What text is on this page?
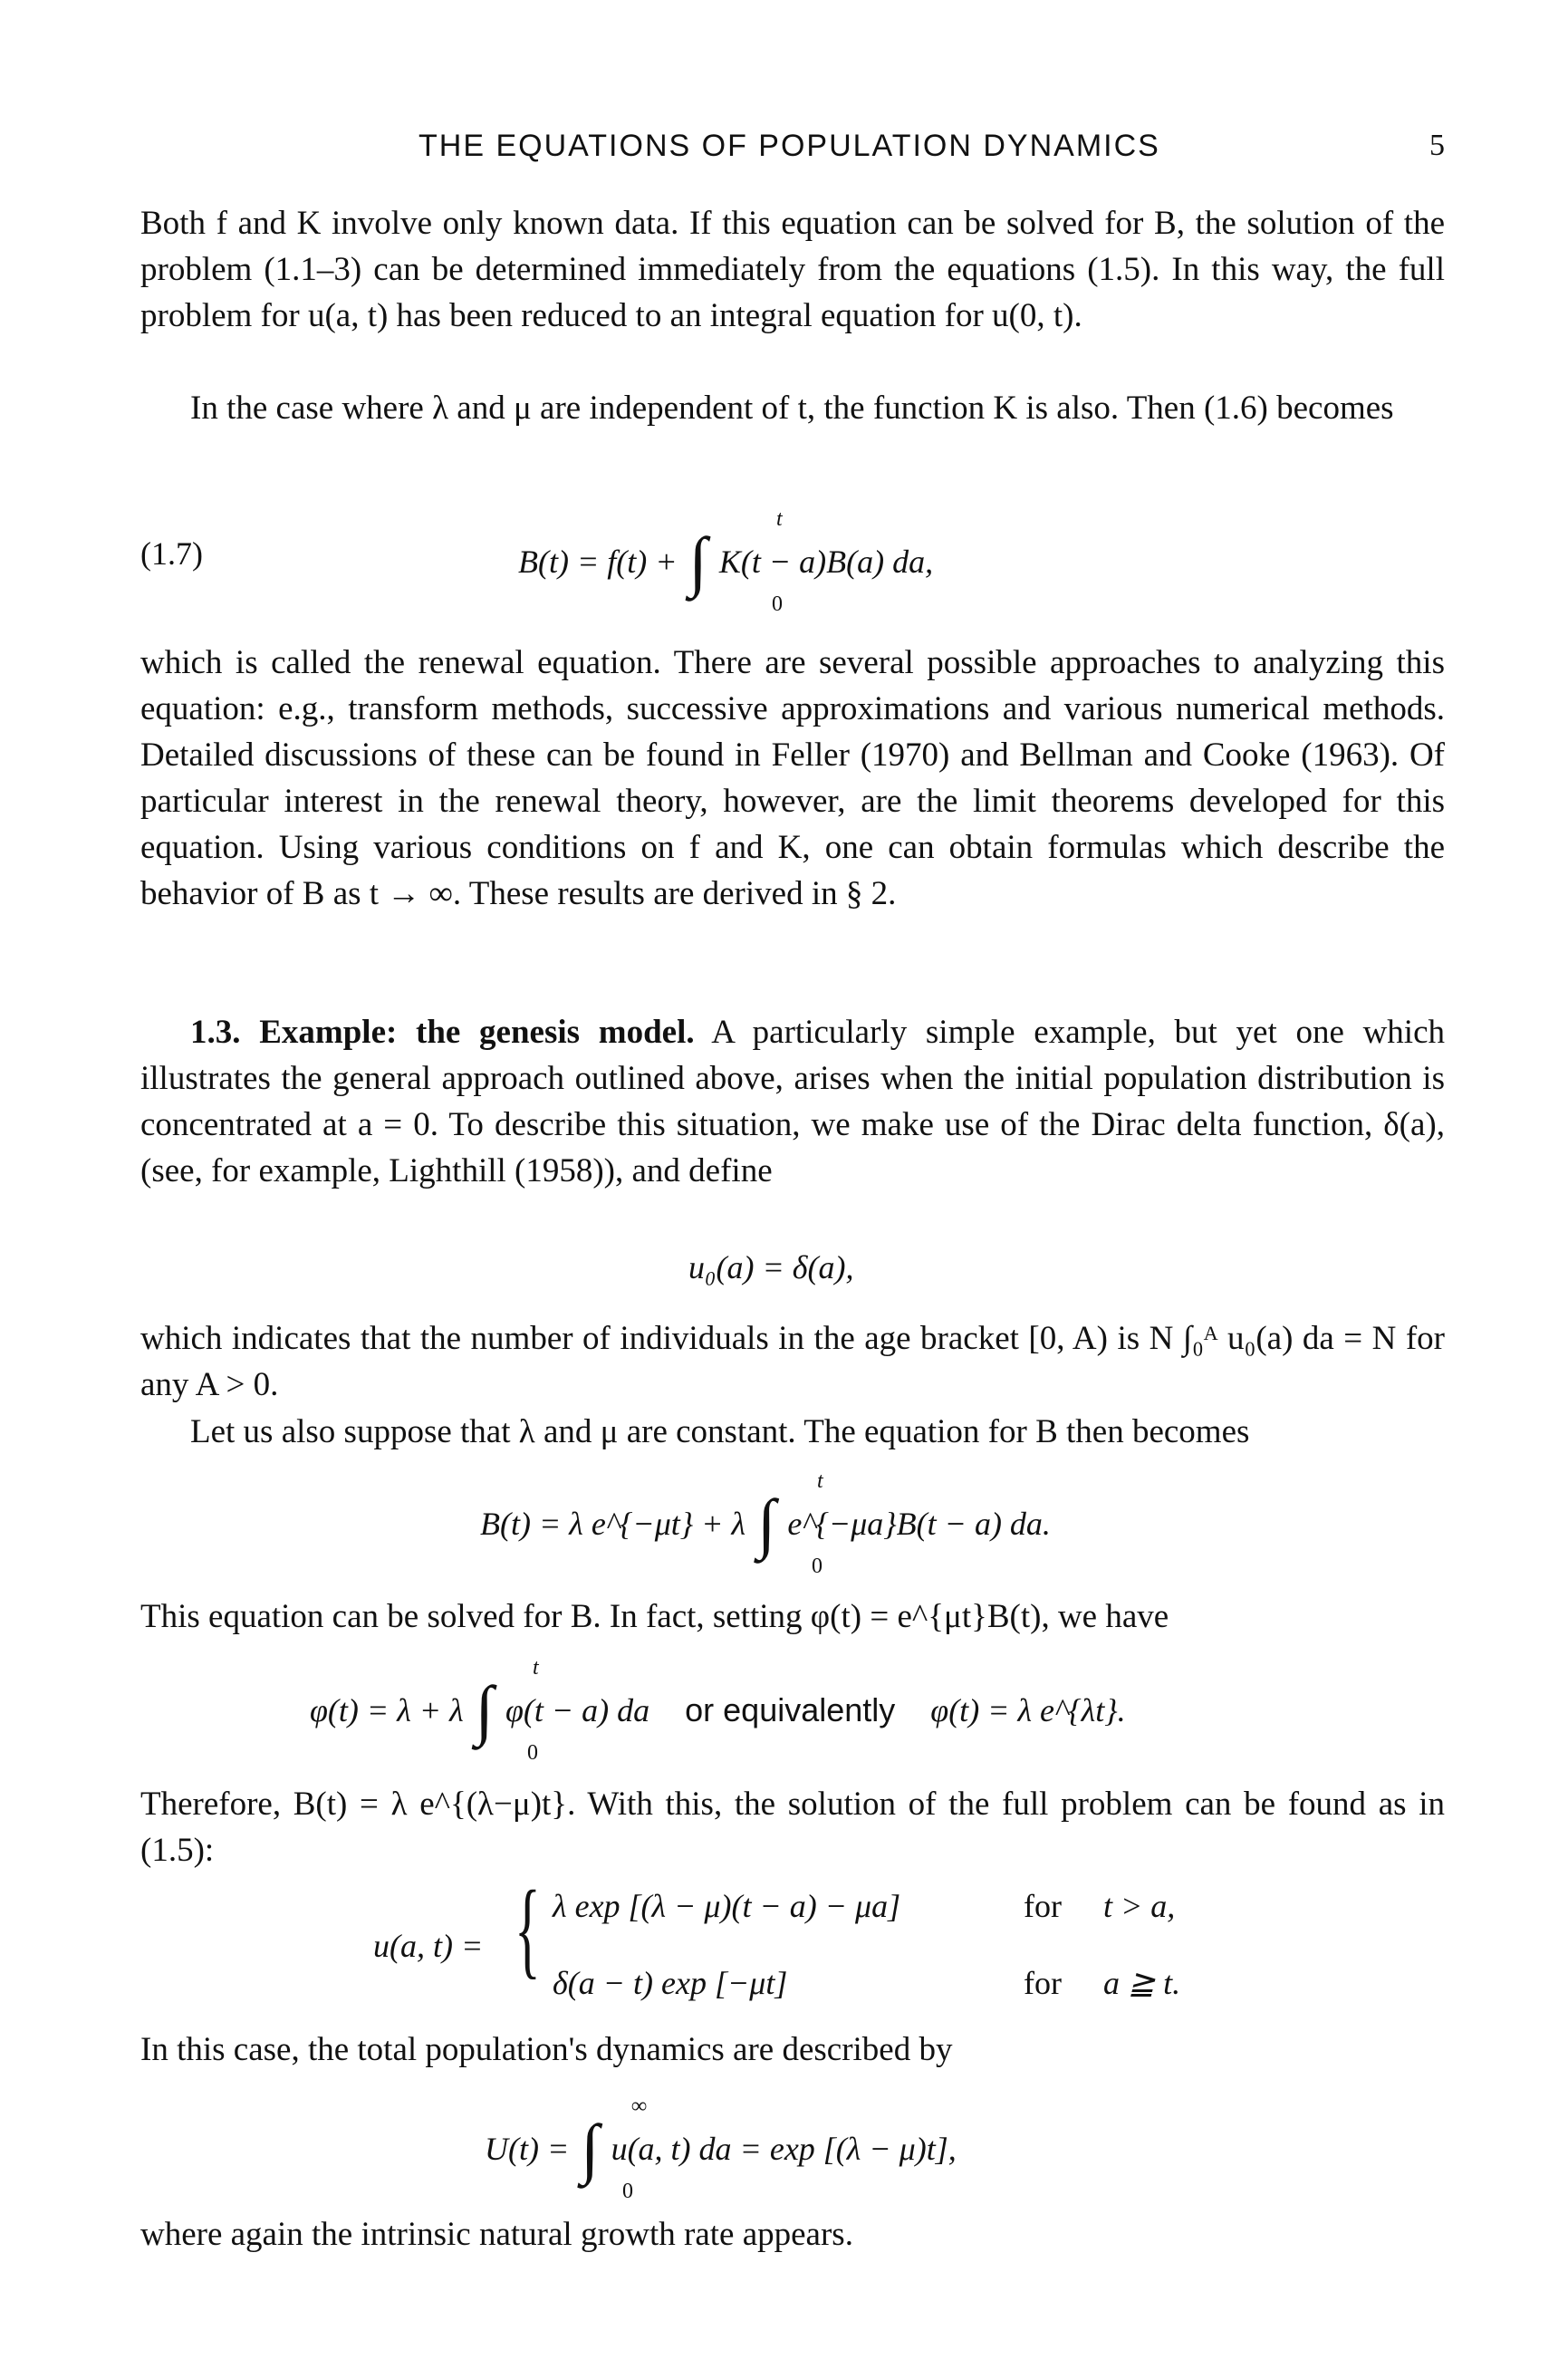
THE EQUATIONS OF POPULATION DYNAMICS	5

Both f and K involve only known data. If this equation can be solved for B, the solution of the problem (1.1–3) can be determined immediately from the equations (1.5). In this way, the full problem for u(a, t) has been reduced to an integral equation for u(0, t).

In the case where λ and μ are independent of t, the function K is also. Then (1.6) becomes

(1.7)	B(t) = f(t) + ∫ K(t − a)B(a) da,
t
0

which is called the renewal equation. There are several possible approaches to analyzing this equation: e.g., transform methods, successive approximations and various numerical methods. Detailed discussions of these can be found in Feller (1970) and Bellman and Cooke (1963). Of particular interest in the renewal theory, however, are the limit theorems developed for this equation. Using various conditions on f and K, one can obtain formulas which describe the behavior of B as t → ∞. These results are derived in § 2.

1.3. Example: the genesis model. A particularly simple example, but yet one which illustrates the general approach outlined above, arises when the initial population distribution is concentrated at a = 0. To describe this situation, we make use of the Dirac delta function, δ(a), (see, for example, Lighthill (1958)), and define

u₀(a) = δ(a),

which indicates that the number of individuals in the age bracket [0, A) is N ∫₀ᴬ u₀(a) da = N for any A > 0.

Let us also suppose that λ and μ are constant. The equation for B then becomes

B(t) = λ e^{−μt} + λ ∫ e^{−μa}B(t − a) da.
t
0

This equation can be solved for B. In fact, setting φ(t) = e^{μt}B(t), we have

φ(t) = λ + λ ∫ φ(t − a) da or equivalently φ(t) = λ e^{λt}.
t
0

Therefore, B(t) = λ e^{(λ−μ)t}. With this, the solution of the full problem can be found as in (1.5):

u(a, t) = { λ exp [(λ − μ)(t − a) − μa]	for t > a,
δ(a − t) exp [−μt]	for a ≧ t.

In this case, the total population's dynamics are described by

U(t) = ∫ u(a, t) da = exp [(λ − μ)t],
∞
0

where again the intrinsic natural growth rate appears.
